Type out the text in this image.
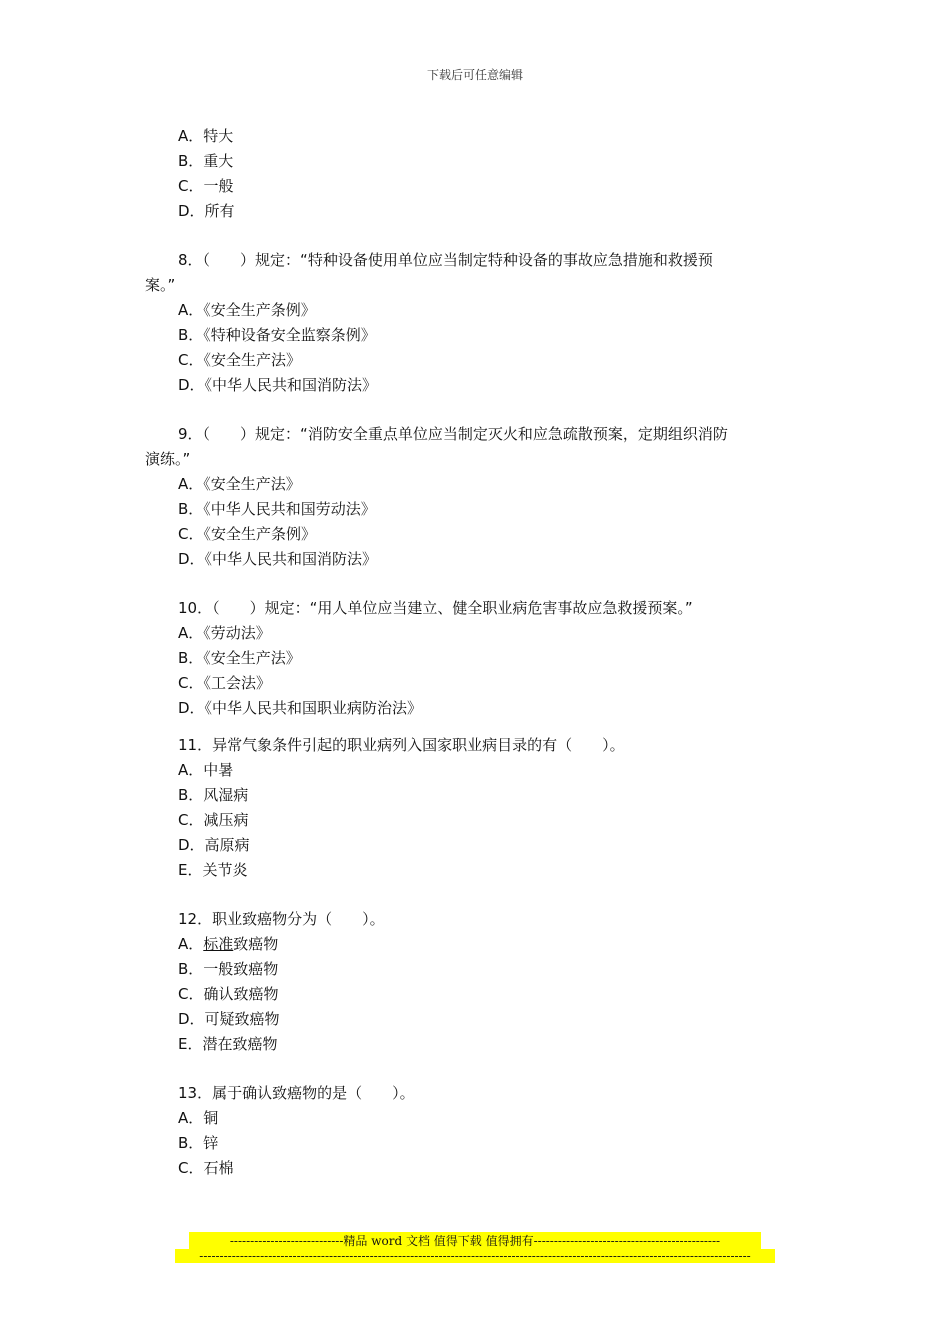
下载后可任意编辑
A．特大
B．重大
C．一般
D．所有
8．（　　）规定：“特种设备使用单位应当制定特种设备的事故应急措施和救援预
案。”
A．《安全生产条例》
B．《特种设备安全监察条例》
C．《安全生产法》
D．《中华人民共和国消防法》
9．（　　）规定：“消防安全重点单位应当制定灭火和应急疏散预案，定期组织消防
演练。”
A．《安全生产法》
B．《中华人民共和国劳动法》
C．《安全生产条例》
D．《中华人民共和国消防法》
10．（　　）规定：“用人单位应当建立、健全职业病危害事故应急救援预案。”
A．《劳动法》
B．《安全生产法》
C．《工会法》
D．《中华人民共和国职业病防治法》
11．异常气象条件引起的职业病列入国家职业病目录的有（　　）。
A．中暑
B．风湿病
C．减压病
D．高原病
E．关节炎
12．职业致癌物分为（　　）。
A．标准致癌物
B．一般致癌物
C．确认致癌物
D．可疑致癌物
E．潜在致癌物
13．属于确认致癌物的是（　　）。
A．铜
B．锌
C．石棉
----------------------------精品 word 文档 值得下载 值得拥有----------------------------------------------
----------------------------------------------------------------------------------------------------------------------------------------
